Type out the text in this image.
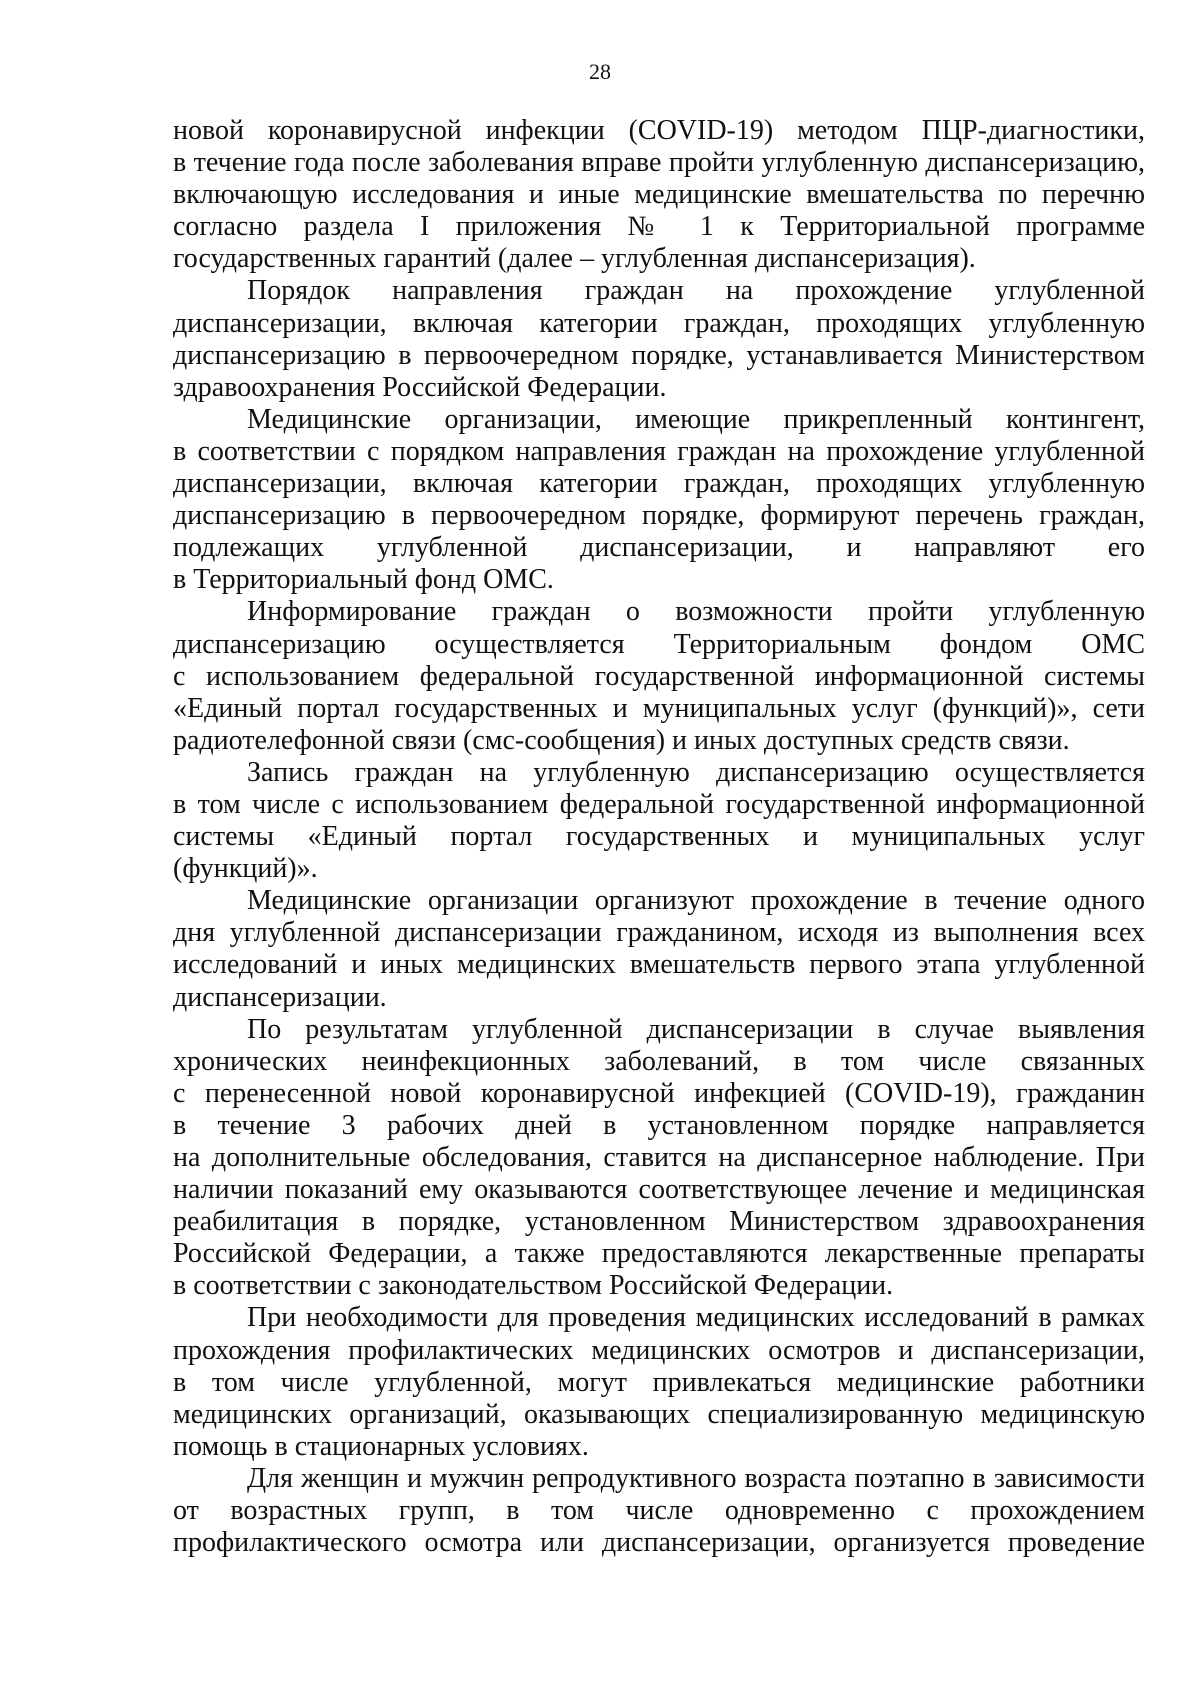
28
новой коронавирусной инфекции (COVID-19) методом ПЦР-диагностики,
в течение года после заболевания вправе пройти углубленную диспансеризацию,
включающую исследования и иные медицинские вмешательства по перечню
согласно раздела I приложения № 1 к Территориальной программе
государственных гарантий (далее – углубленная диспансеризация).
Порядок направления граждан на прохождение углубленной
диспансеризации, включая категории граждан, проходящих углубленную
диспансеризацию в первоочередном порядке, устанавливается Министерством
здравоохранения Российской Федерации.
Медицинские организации, имеющие прикрепленный контингент,
в соответствии с порядком направления граждан на прохождение углубленной
диспансеризации, включая категории граждан, проходящих углубленную
диспансеризацию в первоочередном порядке, формируют перечень граждан,
подлежащих углубленной диспансеризации, и направляют его
в Территориальный фонд ОМС.
Информирование граждан о возможности пройти углубленную
диспансеризацию осуществляется Территориальным фондом ОМС
с использованием федеральной государственной информационной системы
«Единый портал государственных и муниципальных услуг (функций)», сети
радиотелефонной связи (смс-сообщения) и иных доступных средств связи.
Запись граждан на углубленную диспансеризацию осуществляется
в том числе с использованием федеральной государственной информационной
системы «Единый портал государственных и муниципальных услуг
(функций)».
Медицинские организации организуют прохождение в течение одного
дня углубленной диспансеризации гражданином, исходя из выполнения всех
исследований и иных медицинских вмешательств первого этапа углубленной
диспансеризации.
По результатам углубленной диспансеризации в случае выявления
хронических неинфекционных заболеваний, в том числе связанных
с перенесенной новой коронавирусной инфекцией (COVID-19), гражданин
в течение 3 рабочих дней в установленном порядке направляется
на дополнительные обследования, ставится на диспансерное наблюдение. При
наличии показаний ему оказываются соответствующее лечение и медицинская
реабилитация в порядке, установленном Министерством здравоохранения
Российской Федерации, а также предоставляются лекарственные препараты
в соответствии с законодательством Российской Федерации.
При необходимости для проведения медицинских исследований в рамках
прохождения профилактических медицинских осмотров и диспансеризации,
в том числе углубленной, могут привлекаться медицинские работники
медицинских организаций, оказывающих специализированную медицинскую
помощь в стационарных условиях.
Для женщин и мужчин репродуктивного возраста поэтапно в зависимости
от возрастных групп, в том числе одновременно с прохождением
профилактического осмотра или диспансеризации, организуется проведение
